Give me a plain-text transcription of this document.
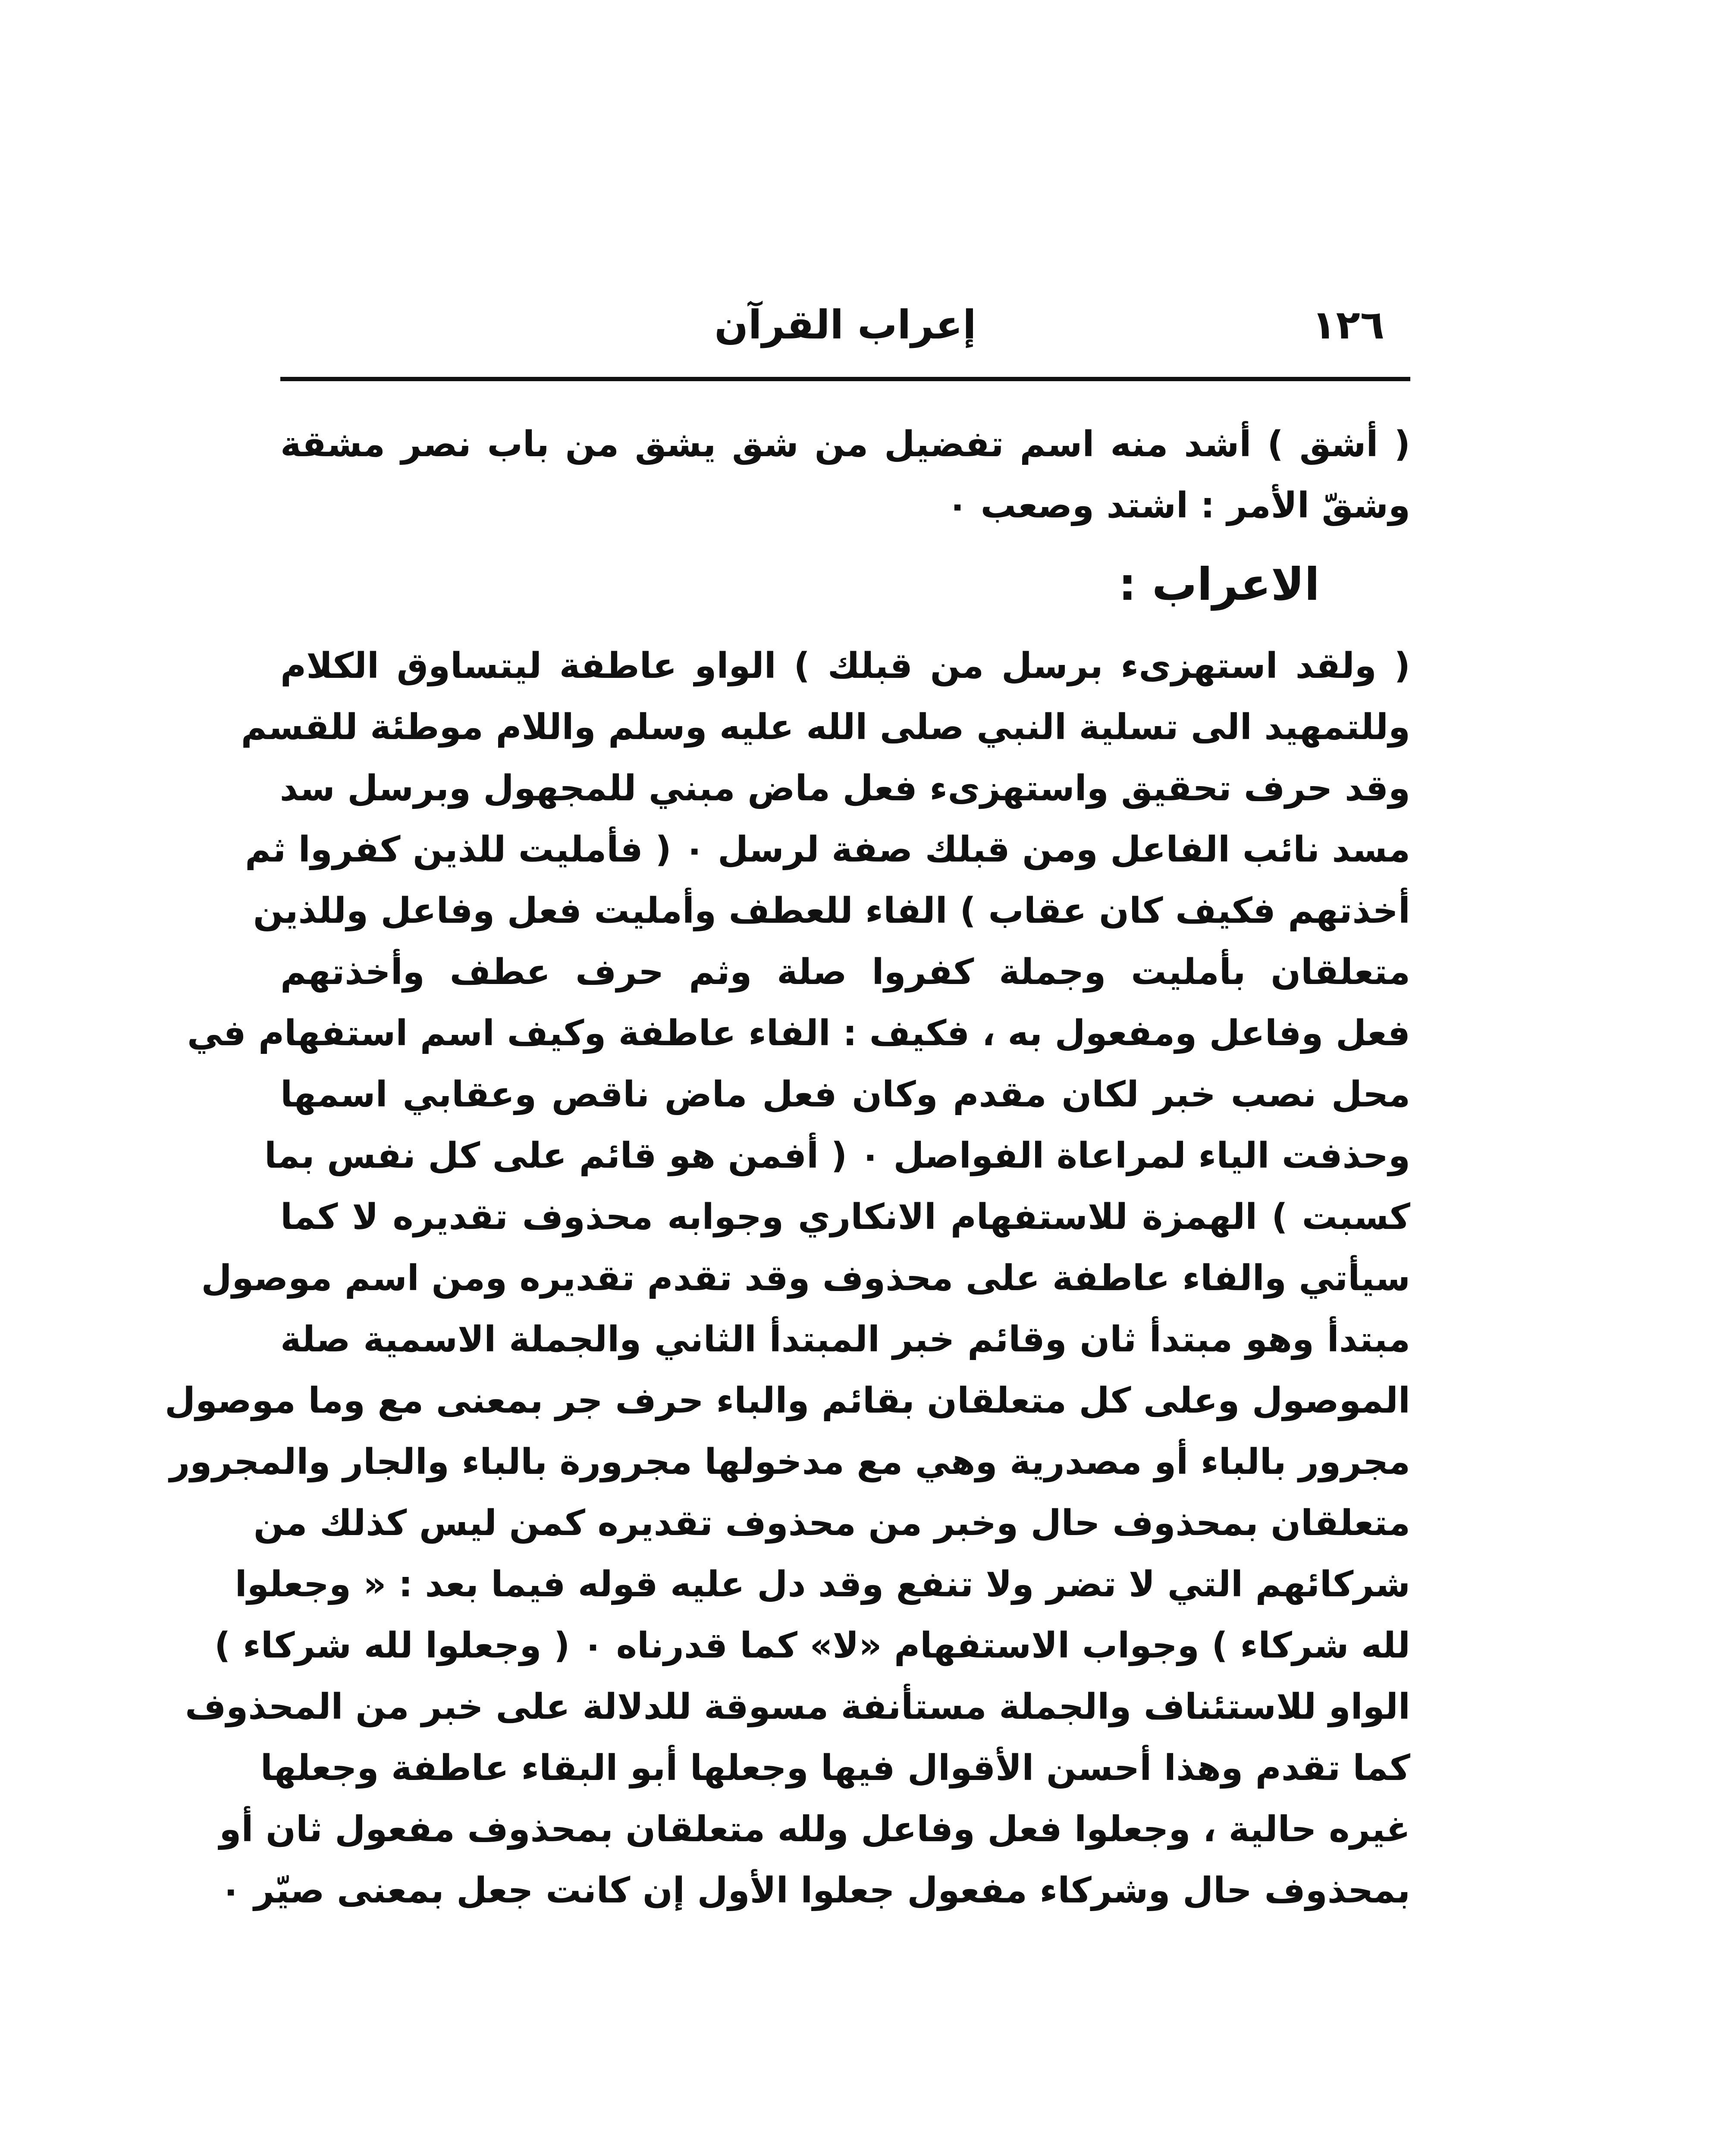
١٢٦
إعراب القرآن
( أشق ) أشد منه اسم تفضيل من شق يشق من باب نصر مشقة
وشقّ الأمر : اشتد وصعب ٠
الاعراب :
( ولقد استهزىء برسل من قبلك ) الواو عاطفة ليتساوق الكلام
وللتمهيد الى تسلية النبي صلى الله عليه وسلم واللام موطئة للقسم
وقد حرف تحقيق واستهزىء فعل ماض مبني للمجهول وبرسل سد
مسد نائب الفاعل ومن قبلك صفة لرسل ٠ ( فأمليت للذين كفروا ثم
أخذتهم فكيف كان عقاب ) الفاء للعطف وأمليت فعل وفاعل وللذين
متعلقان بأمليت وجملة كفروا صلة وثم حرف عطف وأخذتهم
فعل وفاعل ومفعول به ، فكيف : الفاء عاطفة وكيف اسم استفهام في
محل نصب خبر لكان مقدم وكان فعل ماض ناقص وعقابي اسمها
وحذفت الياء لمراعاة الفواصل ٠ ( أفمن هو قائم على كل نفس بما
كسبت ) الهمزة للاستفهام الانكاري وجوابه محذوف تقديره لا كما
سيأتي والفاء عاطفة على محذوف وقد تقدم تقديره ومن اسم موصول
مبتدأ وهو مبتدأ ثان وقائم خبر المبتدأ الثاني والجملة الاسمية صلة
الموصول وعلى كل متعلقان بقائم والباء حرف جر بمعنى مع وما موصول
مجرور بالباء أو مصدرية وهي مع مدخولها مجرورة بالباء والجار والمجرور
متعلقان بمحذوف حال وخبر من محذوف تقديره كمن ليس كذلك من
شركائهم التي لا تضر ولا تنفع وقد دل عليه قوله فيما بعد : « وجعلوا
لله شركاء ) وجواب الاستفهام «لا» كما قدرناه ٠ ( وجعلوا لله شركاء )
الواو للاستئناف والجملة مستأنفة مسوقة للدلالة على خبر من المحذوف
كما تقدم وهذا أحسن الأقوال فيها وجعلها أبو البقاء عاطفة وجعلها
غيره حالية ، وجعلوا فعل وفاعل ولله متعلقان بمحذوف مفعول ثان أو
بمحذوف حال وشركاء مفعول جعلوا الأول إن كانت جعل بمعنى صيّر ٠
